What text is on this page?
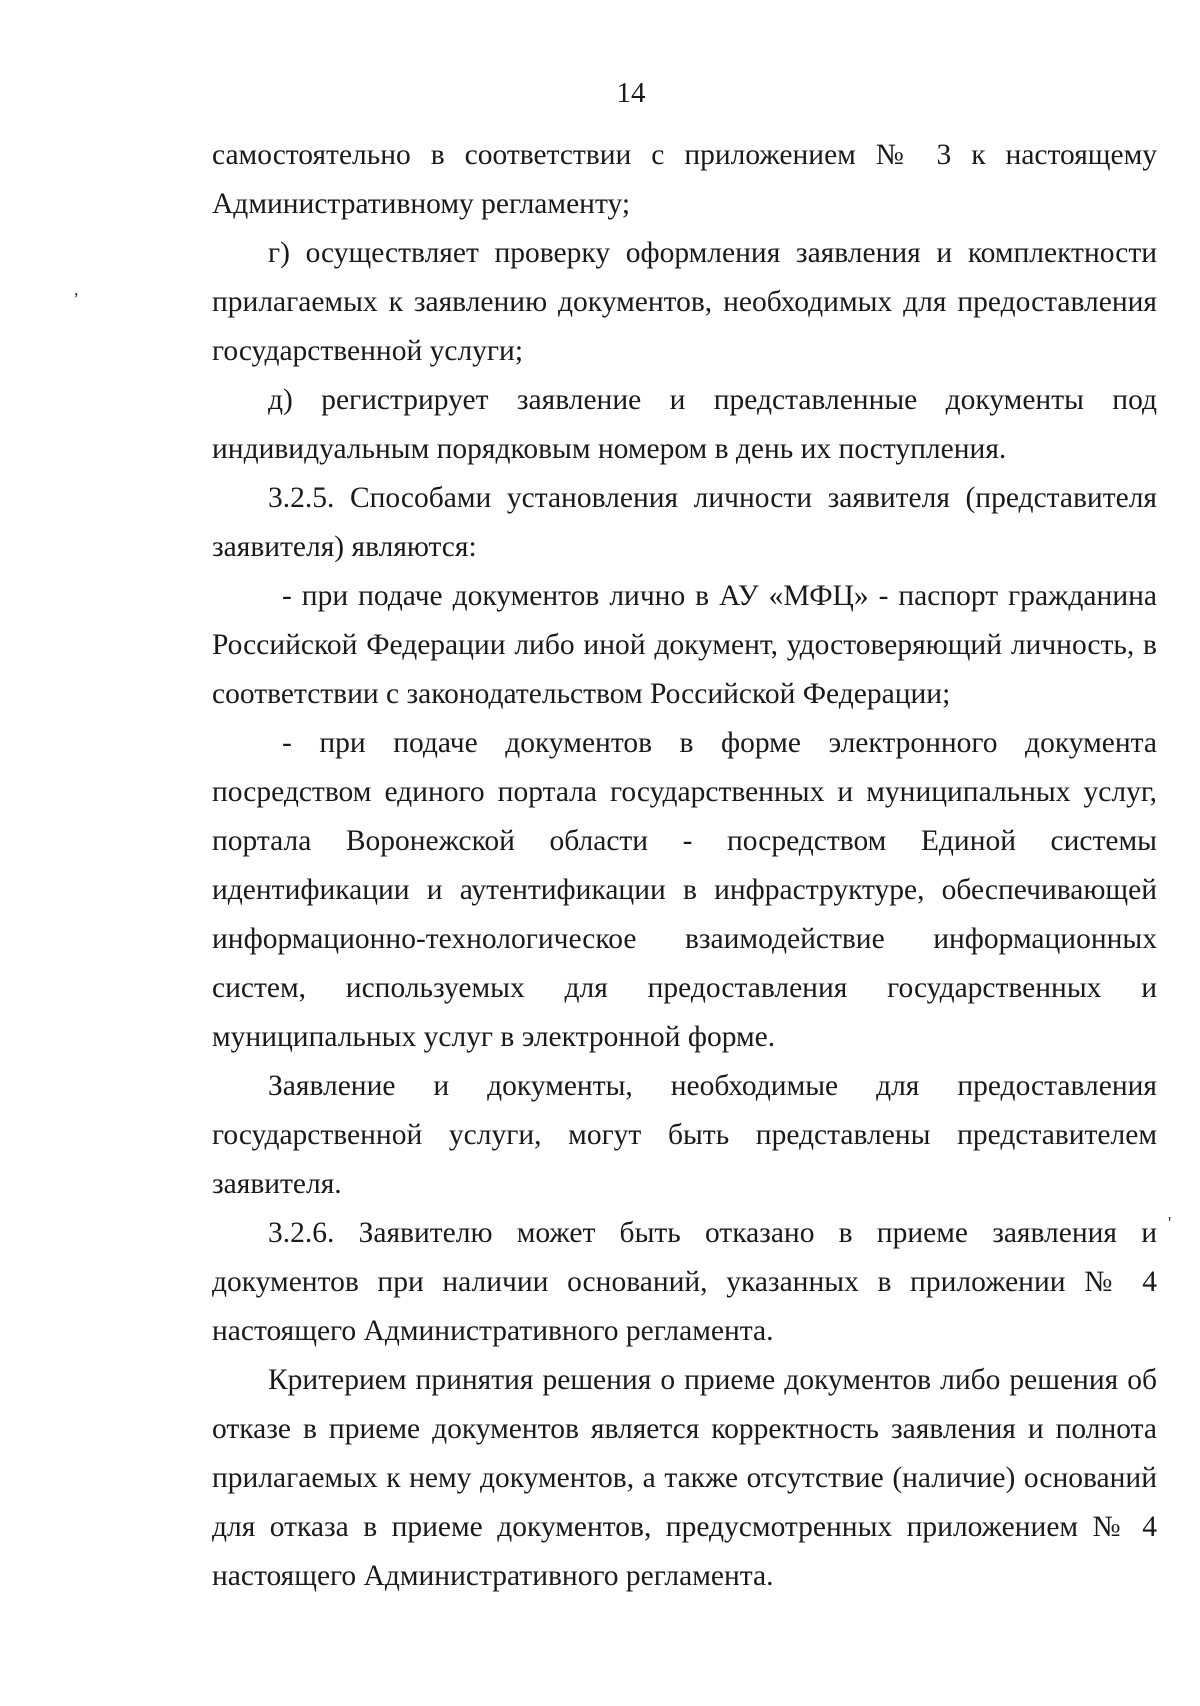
14

самостоятельно в соответствии с приложением № 3 к настоящему Административному регламенту;

г) осуществляет проверку оформления заявления и комплектности прилагаемых к заявлению документов, необходимых для предоставления государственной услуги;

д) регистрирует заявление и представленные документы под индивидуальным порядковым номером в день их поступления.

3.2.5. Способами установления личности заявителя (представителя заявителя) являются:

- при подаче документов лично в АУ «МФЦ» - паспорт гражданина Российской Федерации либо иной документ, удостоверяющий личность, в соответствии с законодательством Российской Федерации;

- при подаче документов в форме электронного документа посредством единого портала государственных и муниципальных услуг, портала Воронежской области - посредством Единой системы идентификации и аутентификации в инфраструктуре, обеспечивающей информационно-технологическое взаимодействие информационных систем, используемых для предоставления государственных и муниципальных услуг в электронной форме.

Заявление и документы, необходимые для предоставления государственной услуги, могут быть представлены представителем заявителя.

3.2.6. Заявителю может быть отказано в приеме заявления и документов при наличии оснований, указанных в приложении № 4 настоящего Административного регламента.

Критерием принятия решения о приеме документов либо решения об отказе в приеме документов является корректность заявления и полнота прилагаемых к нему документов, а также отсутствие (наличие) оснований для отказа в приеме документов, предусмотренных приложением № 4 настоящего Административного регламента.

,
'
